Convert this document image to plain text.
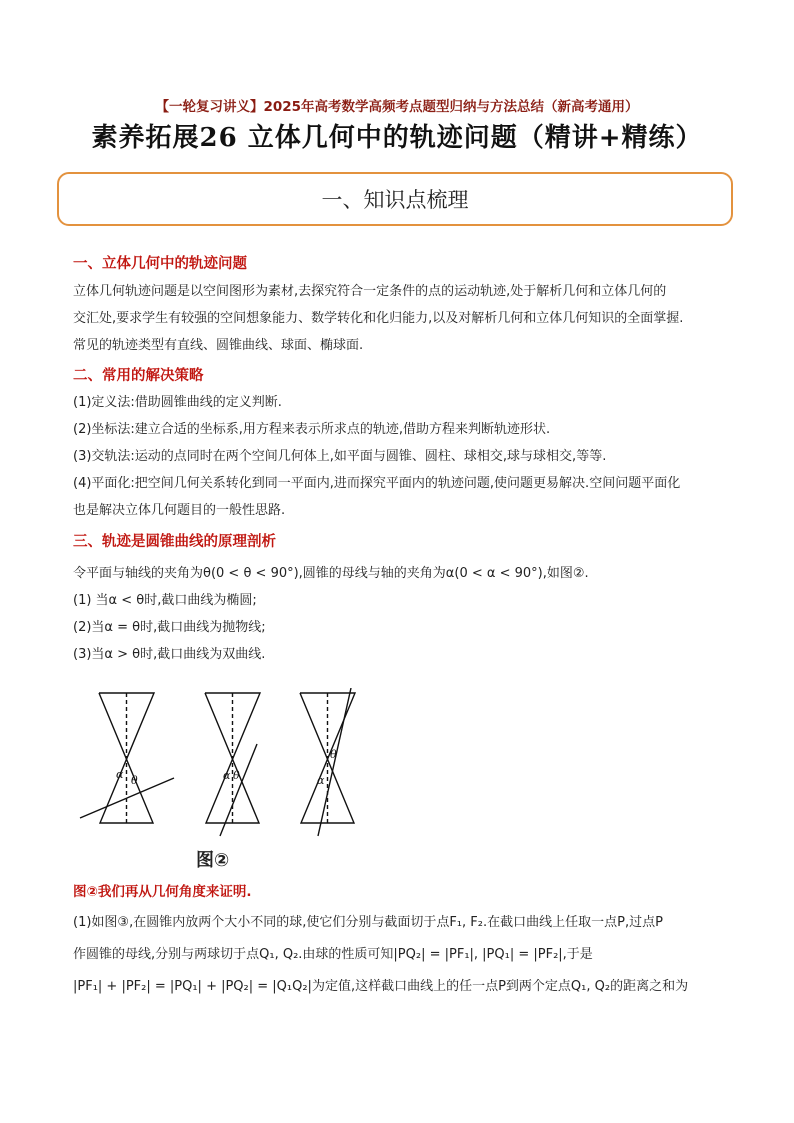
【一轮复习讲义】2025年高考数学高频考点题型归纳与方法总结（新高考通用）
素养拓展26 立体几何中的轨迹问题（精讲+精练）
一、知识点梳理
一、立体几何中的轨迹问题
立体几何轨迹问题是以空间图形为素材,去探究符合一定条件的点的运动轨迹,处于解析几何和立体几何的
交汇处,要求学生有较强的空间想象能力、数学转化和化归能力,以及对解析几何和立体几何知识的全面掌握.
常见的轨迹类型有直线、圆锥曲线、球面、椭球面.
二、常用的解决策略
(1)定义法:借助圆锥曲线的定义判断.
(2)坐标法:建立合适的坐标系,用方程来表示所求点的轨迹,借助方程来判断轨迹形状.
(3)交轨法:运动的点同时在两个空间几何体上,如平面与圆锥、圆柱、球相交,球与球相交,等等.
(4)平面化:把空间几何关系转化到同一平面内,进而探究平面内的轨迹问题,使问题更易解决.空间问题平面化
也是解决立体几何题目的一般性思路.
三、轨迹是圆锥曲线的原理剖析
令平面与轴线的夹角为θ(0 < θ < 90°),圆锥的母线与轴的夹角为α(0 < α < 90°),如图②.
(1) 当α < θ时,截口曲线为椭圆;
(2)当α = θ时,截口曲线为抛物线;
(3)当α > θ时,截口曲线为双曲线.
α θ	α θ	α
θ
图②
图②我们再从几何角度来证明.
(1)如图③,在圆锥内放两个大小不同的球,使它们分别与截面切于点F₁, F₂.在截口曲线上任取一点P,过点P
作圆锥的母线,分别与两球切于点Q₁, Q₂.由球的性质可知|PQ₂| = |PF₁|, |PQ₁| = |PF₂|,于是
|PF₁| + |PF₂| = |PQ₁| + |PQ₂| = |Q₁Q₂|为定值,这样截口曲线上的任一点P到两个定点Q₁, Q₂的距离之和为
